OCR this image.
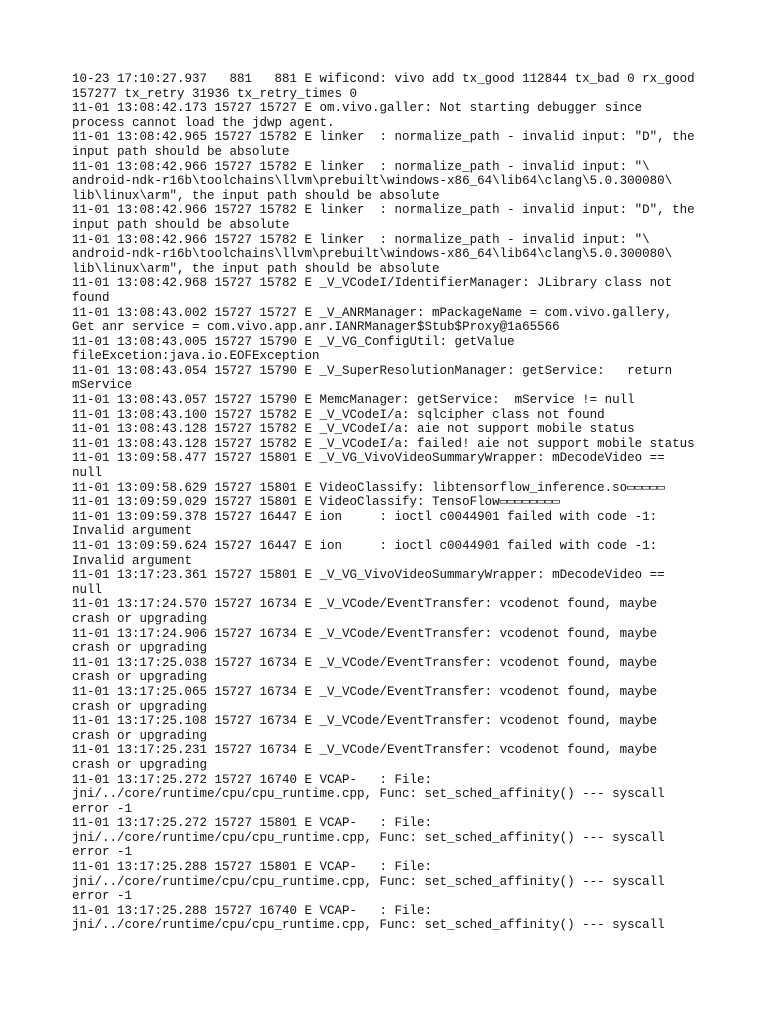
10-23 17:10:27.937   881   881 E wificond: vivo add tx_good 112844 tx_bad 0 rx_good
157277 tx_retry 31936 tx_retry_times 0
11-01 13:08:42.173 15727 15727 E om.vivo.galler: Not starting debugger since
process cannot load the jdwp agent.
11-01 13:08:42.965 15727 15782 E linker  : normalize_path - invalid input: "D", the
input path should be absolute
11-01 13:08:42.966 15727 15782 E linker  : normalize_path - invalid input: "\
android-ndk-r16b\toolchains\llvm\prebuilt\windows-x86_64\lib64\clang\5.0.300080\
lib\linux\arm", the input path should be absolute
11-01 13:08:42.966 15727 15782 E linker  : normalize_path - invalid input: "D", the
input path should be absolute
11-01 13:08:42.966 15727 15782 E linker  : normalize_path - invalid input: "\
android-ndk-r16b\toolchains\llvm\prebuilt\windows-x86_64\lib64\clang\5.0.300080\
lib\linux\arm", the input path should be absolute
11-01 13:08:42.968 15727 15782 E _V_VCodeI/IdentifierManager: JLibrary class not
found
11-01 13:08:43.002 15727 15727 E _V_ANRManager: mPackageName = com.vivo.gallery,
Get anr service = com.vivo.app.anr.IANRManager$Stub$Proxy@1a65566
11-01 13:08:43.005 15727 15790 E _V_VG_ConfigUtil: getValue
fileExcetion:java.io.EOFException
11-01 13:08:43.054 15727 15790 E _V_SuperResolutionManager: getService:   return
mService
11-01 13:08:43.057 15727 15790 E MemcManager: getService:  mService != null
11-01 13:08:43.100 15727 15782 E _V_VCodeI/a: sqlcipher class not found
11-01 13:08:43.128 15727 15782 E _V_VCodeI/a: aie not support mobile status
11-01 13:08:43.128 15727 15782 E _V_VCodeI/a: failed! aie not support mobile status
11-01 13:09:58.477 15727 15801 E _V_VG_VivoVideoSummaryWrapper: mDecodeVideo ==
null
11-01 13:09:58.629 15727 15801 E VideoClassify: libtensorflow_inference.so▭▭▭▭▭
11-01 13:09:59.029 15727 15801 E VideoClassify: TensoFlow▭▭▭▭▭▭▭▭
11-01 13:09:59.378 15727 16447 E ion     : ioctl c0044901 failed with code -1:
Invalid argument
11-01 13:09:59.624 15727 16447 E ion     : ioctl c0044901 failed with code -1:
Invalid argument
11-01 13:17:23.361 15727 15801 E _V_VG_VivoVideoSummaryWrapper: mDecodeVideo ==
null
11-01 13:17:24.570 15727 16734 E _V_VCode/EventTransfer: vcodenot found, maybe
crash or upgrading
11-01 13:17:24.906 15727 16734 E _V_VCode/EventTransfer: vcodenot found, maybe
crash or upgrading
11-01 13:17:25.038 15727 16734 E _V_VCode/EventTransfer: vcodenot found, maybe
crash or upgrading
11-01 13:17:25.065 15727 16734 E _V_VCode/EventTransfer: vcodenot found, maybe
crash or upgrading
11-01 13:17:25.108 15727 16734 E _V_VCode/EventTransfer: vcodenot found, maybe
crash or upgrading
11-01 13:17:25.231 15727 16734 E _V_VCode/EventTransfer: vcodenot found, maybe
crash or upgrading
11-01 13:17:25.272 15727 16740 E VCAP-   : File:
jni/../core/runtime/cpu/cpu_runtime.cpp, Func: set_sched_affinity() --- syscall
error -1
11-01 13:17:25.272 15727 15801 E VCAP-   : File:
jni/../core/runtime/cpu/cpu_runtime.cpp, Func: set_sched_affinity() --- syscall
error -1
11-01 13:17:25.288 15727 15801 E VCAP-   : File:
jni/../core/runtime/cpu/cpu_runtime.cpp, Func: set_sched_affinity() --- syscall
error -1
11-01 13:17:25.288 15727 16740 E VCAP-   : File:
jni/../core/runtime/cpu/cpu_runtime.cpp, Func: set_sched_affinity() --- syscall
